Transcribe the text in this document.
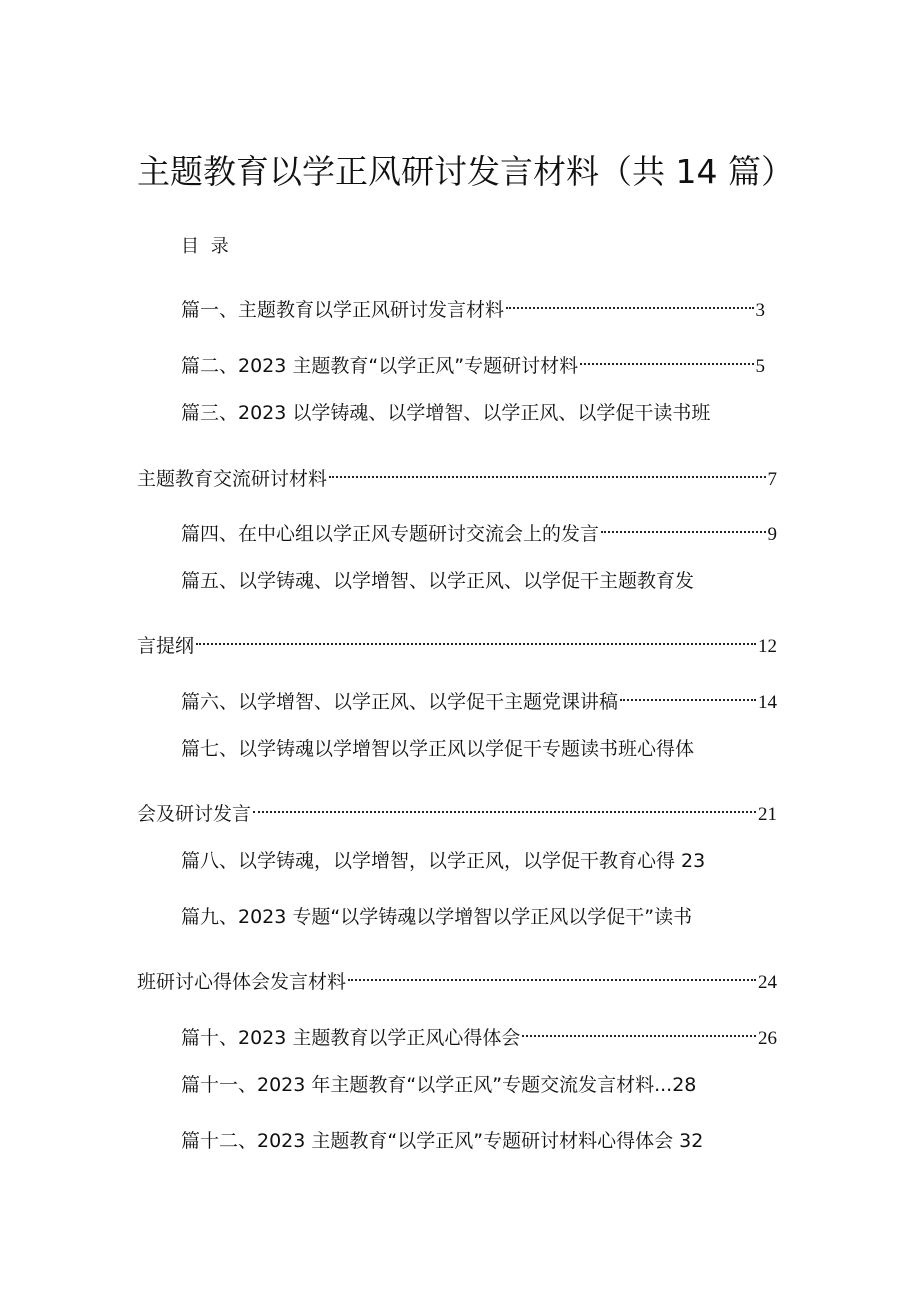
主题教育以学正风研讨发言材料（共 14 篇）
目 录
篇一、主题教育以学正风研讨发言材料	3
篇二、2023 主题教育“以学正风”专题研讨材料	5
篇三、2023 以学铸魂、以学增智、以学正风、以学促干读书班
主题教育交流研讨材料	7
篇四、在中心组以学正风专题研讨交流会上的发言	9
篇五、以学铸魂、以学增智、以学正风、以学促干主题教育发
言提纲	12
篇六、以学增智、以学正风、以学促干主题党课讲稿	14
篇七、以学铸魂以学增智以学正风以学促干专题读书班心得体
会及研讨发言	21
篇八、以学铸魂，以学增智，以学正风，以学促干教育心得 23
篇九、2023 专题“以学铸魂以学增智以学正风以学促干”读书
班研讨心得体会发言材料	24
篇十、2023 主题教育以学正风心得体会	26
篇十一、2023 年主题教育“以学正风”专题交流发言材料...28
篇十二、2023 主题教育“以学正风”专题研讨材料心得体会 32
